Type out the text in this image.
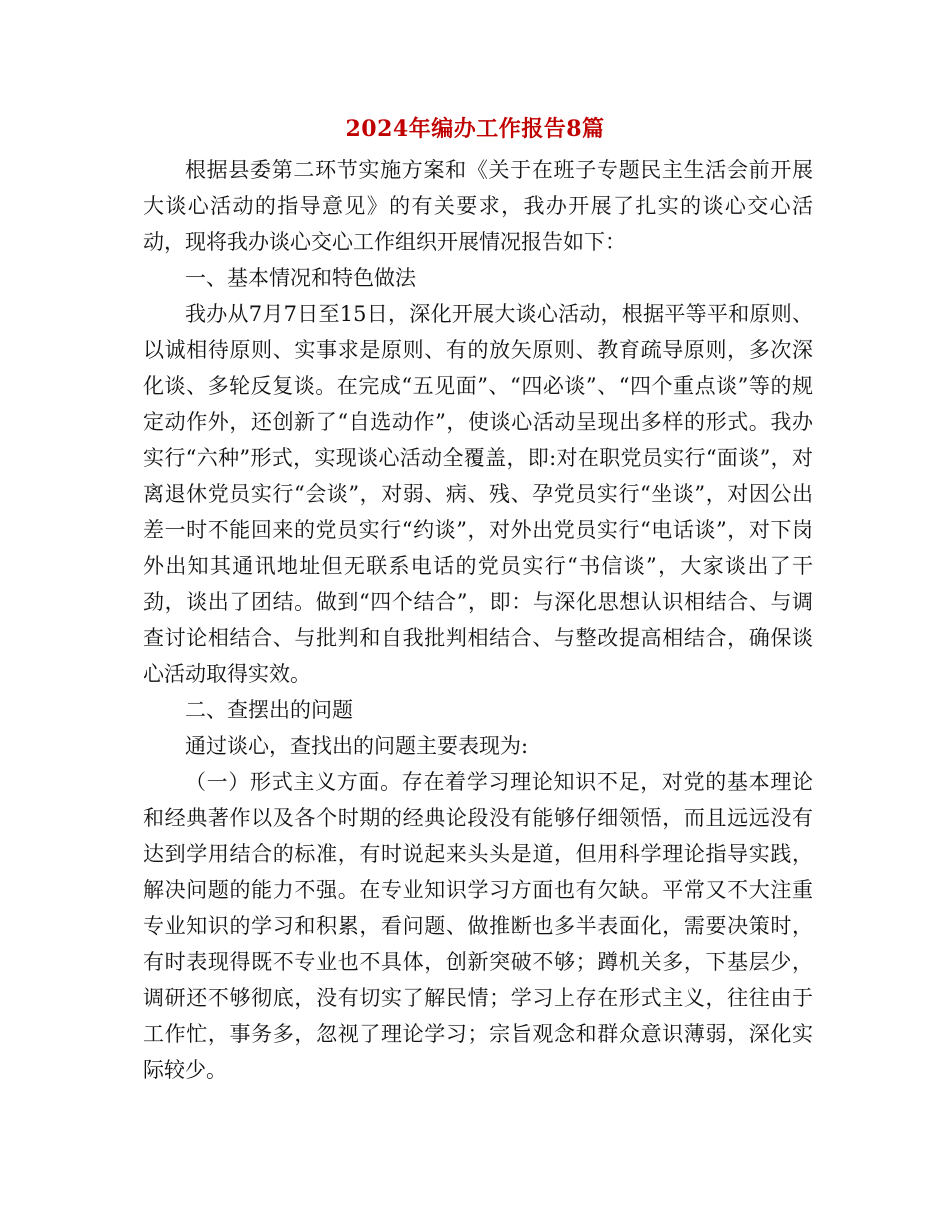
2024年编办工作报告8篇

根据县委第二环节实施方案和《关于在班子专题民主生活会前开展大谈心活动的指导意见》的有关要求，我办开展了扎实的谈心交心活动，现将我办谈心交心工作组织开展情况报告如下：

一、基本情况和特色做法

我办从7月7日至15日，深化开展大谈心活动，根据平等平和原则、以诚相待原则、实事求是原则、有的放矢原则、教育疏导原则，多次深化谈、多轮反复谈。在完成“五见面”、“四必谈”、“四个重点谈”等的规定动作外，还创新了“自选动作”，使谈心活动呈现出多样的形式。我办实行“六种”形式，实现谈心活动全覆盖，即:对在职党员实行“面谈”，对离退休党员实行“会谈”，对弱、病、残、孕党员实行“坐谈”，对因公出差一时不能回来的党员实行“约谈”，对外出党员实行“电话谈”，对下岗外出知其通讯地址但无联系电话的党员实行“书信谈”，大家谈出了干劲，谈出了团结。做到“四个结合”，即：与深化思想认识相结合、与调查讨论相结合、与批判和自我批判相结合、与整改提高相结合，确保谈心活动取得实效。

二、查摆出的问题

通过谈心，查找出的问题主要表现为:

（一）形式主义方面。存在着学习理论知识不足，对党的基本理论和经典著作以及各个时期的经典论段没有能够仔细领悟，而且远远没有达到学用结合的标准，有时说起来头头是道，但用科学理论指导实践，解决问题的能力不强。在专业知识学习方面也有欠缺。平常又不大注重专业知识的学习和积累，看问题、做推断也多半表面化，需要决策时，有时表现得既不专业也不具体，创新突破不够；蹲机关多，下基层少，调研还不够彻底，没有切实了解民情；学习上存在形式主义，往往由于工作忙，事务多，忽视了理论学习；宗旨观念和群众意识薄弱，深化实际较少。
